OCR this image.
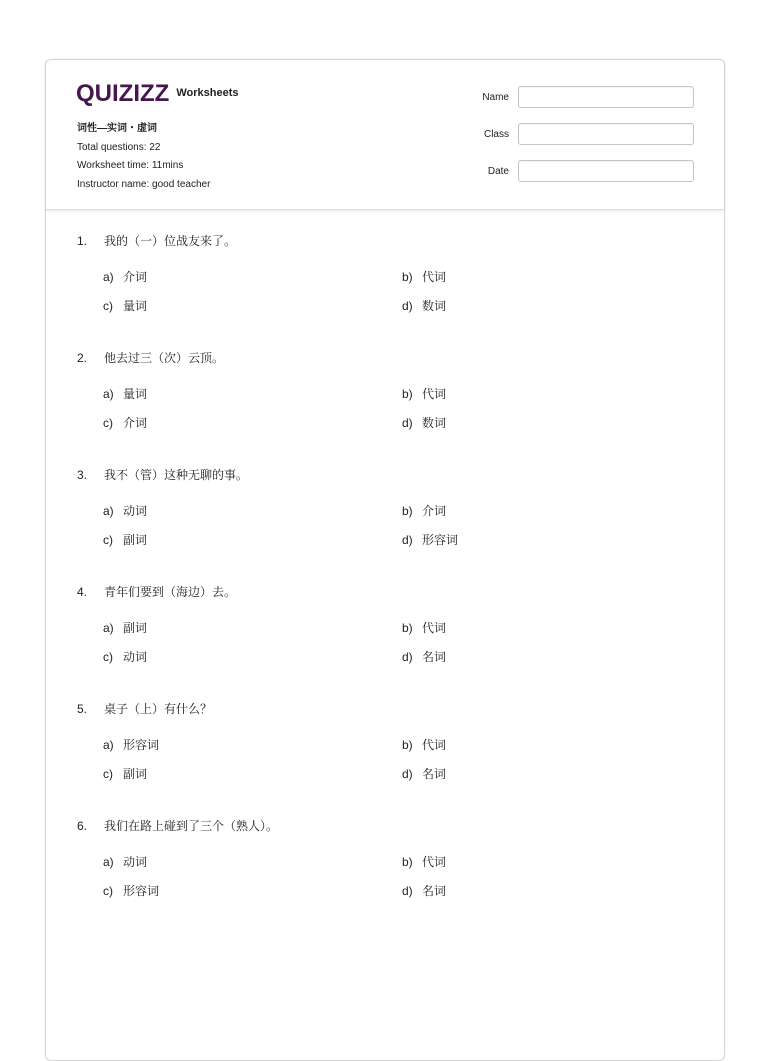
QUIZIZZ Worksheets
词性—实词・虚词
Total questions: 22
Worksheet time: 11mins
Instructor name: good teacher
Name
Class
Date
1.	我的（一）位战友来了。
a) 介词	b) 代词
c) 量词	d) 数词
2.	他去过三（次）云顶。
a) 量词	b) 代词
c) 介词	d) 数词
3.	我不（管）这种无聊的事。
a) 动词	b) 介词
c) 副词	d) 形容词
4.	青年们要到（海边）去。
a) 副词	b) 代词
c) 动词	d) 名词
5.	桌子（上）有什么？
a) 形容词	b) 代词
c) 副词	d) 名词
6.	我们在路上碰到了三个（熟人）。
a) 动词	b) 代词
c) 形容词	d) 名词
